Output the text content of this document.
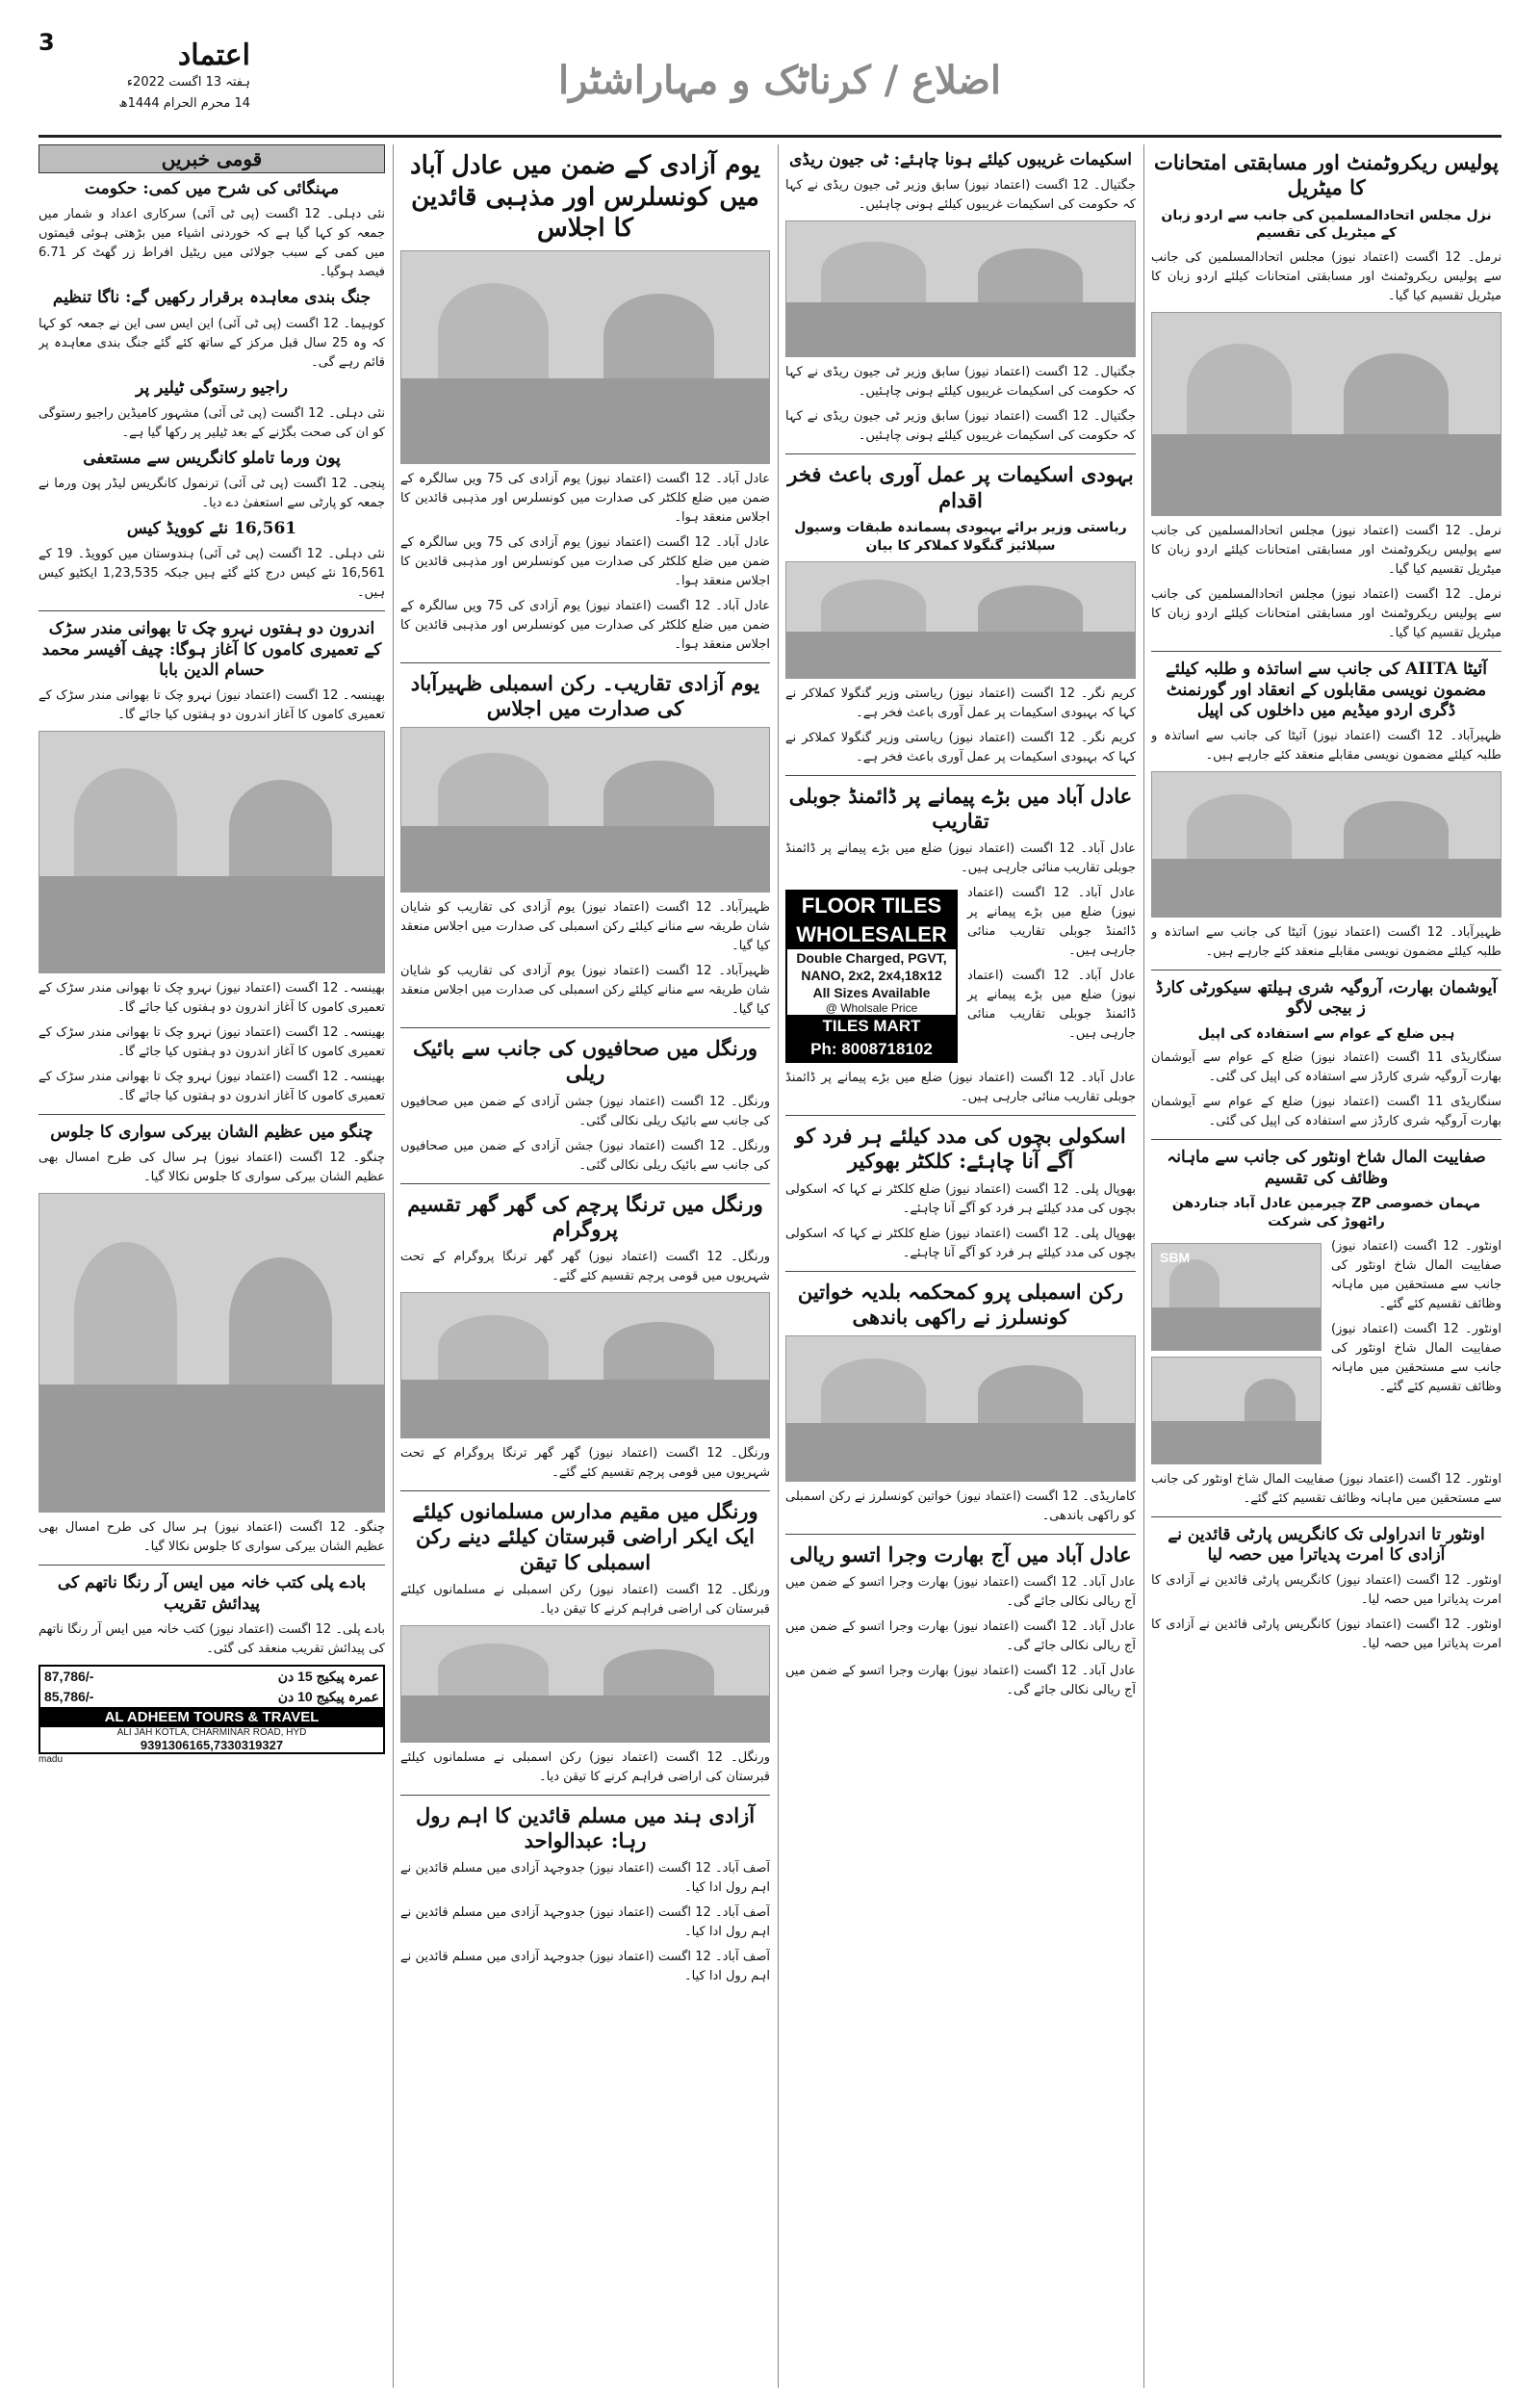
اعتماد
ہفتہ 13 اگست 2022ء
14 محرم الحرام 1444ھ
3
اضلاع / کرناٹک و مہاراشٹرا
قومی خبریں
مہنگائی کی شرح میں کمی: حکومت

نئی دہلی۔ 12 اگست (پی ٹی آئی) سرکاری اعداد و شمار میں جمعہ کو کہا گیا ہے کہ خوردنی اشیاء میں بڑھتی ہوئی قیمتوں میں کمی کے سبب جولائی میں ریٹیل افراط زر گھٹ کر 6.71 فیصد ہوگیا۔

جنگ بندی معاہدہ برقرار رکھیں گے: ناگا تنظیم

کوہیما۔ 12 اگست (پی ٹی آئی) این ایس سی این نے جمعہ کو کہا کہ وہ 25 سال قبل مرکز کے ساتھ کئے گئے جنگ بندی معاہدہ پر قائم رہے گی۔

راجیو رستوگی ٹیلیر پر

نئی دہلی۔ 12 اگست (پی ٹی آئی) مشہور کامیڈین راجیو رستوگی کو ان کی صحت بگڑنے کے بعد ٹیلیر پر رکھا گیا ہے۔

پون ورما تاملو کانگریس سے مستعفی

پنجی۔ 12 اگست (پی ٹی آئی) ترنمول کانگریس لیڈر پون ورما نے جمعہ کو پارٹی سے استعفیٰ دے دیا۔

16,561 نئے کوویڈ کیس

نئی دہلی۔ 12 اگست (پی ٹی آئی) ہندوستان میں کوویڈ۔ 19 کے 16,561 نئے کیس درج کئے گئے ہیں جبکہ 1,23,535 ایکٹیو کیس ہیں۔

اندرون دو ہفتوں نہرو چک تا بھوانی مندر سڑک کے تعمیری کاموں کا آغاز ہوگا: چیف آفیسر محمد حسام الدین بابا

بھینسہ۔ 12 اگست (اعتماد نیوز) نہرو چک تا بھوانی مندر سڑک کے تعمیری کاموں کا آغاز اندرون دو ہفتوں کیا جائے گا۔

بھینسہ۔ 12 اگست (اعتماد نیوز) نہرو چک تا بھوانی مندر سڑک کے تعمیری کاموں کا آغاز اندرون دو ہفتوں کیا جائے گا۔

بھینسہ۔ 12 اگست (اعتماد نیوز) نہرو چک تا بھوانی مندر سڑک کے تعمیری کاموں کا آغاز اندرون دو ہفتوں کیا جائے گا۔

بھینسہ۔ 12 اگست (اعتماد نیوز) نہرو چک تا بھوانی مندر سڑک کے تعمیری کاموں کا آغاز اندرون دو ہفتوں کیا جائے گا۔

چنگو میں عظیم الشان بیرکی سواری کا جلوس

چنگو۔ 12 اگست (اعتماد نیوز) ہر سال کی طرح امسال بھی عظیم الشان بیرکی سواری کا جلوس نکالا گیا۔

چنگو۔ 12 اگست (اعتماد نیوز) ہر سال کی طرح امسال بھی عظیم الشان بیرکی سواری کا جلوس نکالا گیا۔

بادے پلی کتب خانہ میں ایس آر رنگا ناتھم کی پیدائش تقریب

بادے پلی۔ 12 اگست (اعتماد نیوز) کتب خانہ میں ایس آر رنگا ناتھم کی پیدائش تقریب منعقد کی گئی۔

87,786/-	عمرہ پیکیج 15 دن
85,786/-	عمرہ پیکیج 10 دن
AL ADHEEM TOURS & TRAVEL
ALI JAH KOTLA, CHARMINAR ROAD, HYD
9391306165,7330319327
madu
یوم آزادی کے ضمن میں عادل آباد میں کونسلرس اور مذہبی قائدین کا اجلاس

عادل آباد۔ 12 اگست (اعتماد نیوز) یوم آزادی کی 75 ویں سالگرہ کے ضمن میں ضلع کلکٹر کی صدارت میں کونسلرس اور مذہبی قائدین کا اجلاس منعقد ہوا۔

عادل آباد۔ 12 اگست (اعتماد نیوز) یوم آزادی کی 75 ویں سالگرہ کے ضمن میں ضلع کلکٹر کی صدارت میں کونسلرس اور مذہبی قائدین کا اجلاس منعقد ہوا۔

عادل آباد۔ 12 اگست (اعتماد نیوز) یوم آزادی کی 75 ویں سالگرہ کے ضمن میں ضلع کلکٹر کی صدارت میں کونسلرس اور مذہبی قائدین کا اجلاس منعقد ہوا۔

یوم آزادی تقاریب۔ رکن اسمبلی ظہیرآباد کی صدارت میں اجلاس

ظہیرآباد۔ 12 اگست (اعتماد نیوز) یوم آزادی کی تقاریب کو شایان شان طریقہ سے منانے کیلئے رکن اسمبلی کی صدارت میں اجلاس منعقد کیا گیا۔

ظہیرآباد۔ 12 اگست (اعتماد نیوز) یوم آزادی کی تقاریب کو شایان شان طریقہ سے منانے کیلئے رکن اسمبلی کی صدارت میں اجلاس منعقد کیا گیا۔

ورنگل میں صحافیوں کی جانب سے بائیک ریلی

ورنگل۔ 12 اگست (اعتماد نیوز) جشن آزادی کے ضمن میں صحافیوں کی جانب سے بائیک ریلی نکالی گئی۔

ورنگل۔ 12 اگست (اعتماد نیوز) جشن آزادی کے ضمن میں صحافیوں کی جانب سے بائیک ریلی نکالی گئی۔

ورنگل میں ترنگا پرچم کی گھر گھر تقسیم پروگرام

ورنگل۔ 12 اگست (اعتماد نیوز) گھر گھر ترنگا پروگرام کے تحت شہریوں میں قومی پرچم تقسیم کئے گئے۔

ورنگل۔ 12 اگست (اعتماد نیوز) گھر گھر ترنگا پروگرام کے تحت شہریوں میں قومی پرچم تقسیم کئے گئے۔

ورنگل میں مقیم مدارس مسلمانوں کیلئے ایک ایکر اراضی قبرستان کیلئے دینے رکن اسمبلی کا تیقن

ورنگل۔ 12 اگست (اعتماد نیوز) رکن اسمبلی نے مسلمانوں کیلئے قبرستان کی اراضی فراہم کرنے کا تیقن دیا۔

ورنگل۔ 12 اگست (اعتماد نیوز) رکن اسمبلی نے مسلمانوں کیلئے قبرستان کی اراضی فراہم کرنے کا تیقن دیا۔

آزادی ہند میں مسلم قائدین کا اہم رول رہا: عبدالواحد

آصف آباد۔ 12 اگست (اعتماد نیوز) جدوجہد آزادی میں مسلم قائدین نے اہم رول ادا کیا۔

آصف آباد۔ 12 اگست (اعتماد نیوز) جدوجہد آزادی میں مسلم قائدین نے اہم رول ادا کیا۔

آصف آباد۔ 12 اگست (اعتماد نیوز) جدوجہد آزادی میں مسلم قائدین نے اہم رول ادا کیا۔

اسکیمات غریبوں کیلئے ہونا چاہئے: ٹی جیون ریڈی

جگتیال۔ 12 اگست (اعتماد نیوز) سابق وزیر ٹی جیون ریڈی نے کہا کہ حکومت کی اسکیمات غریبوں کیلئے ہونی چاہئیں۔

جگتیال۔ 12 اگست (اعتماد نیوز) سابق وزیر ٹی جیون ریڈی نے کہا کہ حکومت کی اسکیمات غریبوں کیلئے ہونی چاہئیں۔

جگتیال۔ 12 اگست (اعتماد نیوز) سابق وزیر ٹی جیون ریڈی نے کہا کہ حکومت کی اسکیمات غریبوں کیلئے ہونی چاہئیں۔

بہودی اسکیمات پر عمل آوری باعث فخر اقدام
ریاستی وزیر برائے بہبودی پسماندہ طبقات وسیول سپلائیز گنگولا کملاکر کا بیان

کریم نگر۔ 12 اگست (اعتماد نیوز) ریاستی وزیر گنگولا کملاکر نے کہا کہ بہبودی اسکیمات پر عمل آوری باعث فخر ہے۔

کریم نگر۔ 12 اگست (اعتماد نیوز) ریاستی وزیر گنگولا کملاکر نے کہا کہ بہبودی اسکیمات پر عمل آوری باعث فخر ہے۔

عادل آباد میں بڑے پیمانے پر ڈائمنڈ جوبلی تقاریب

عادل آباد۔ 12 اگست (اعتماد نیوز) ضلع میں بڑے پیمانے پر ڈائمنڈ جوبلی تقاریب منائی جارہی ہیں۔

عادل آباد۔ 12 اگست (اعتماد نیوز) ضلع میں بڑے پیمانے پر ڈائمنڈ جوبلی تقاریب منائی جارہی ہیں۔

عادل آباد۔ 12 اگست (اعتماد نیوز) ضلع میں بڑے پیمانے پر ڈائمنڈ جوبلی تقاریب منائی جارہی ہیں۔

FLOOR TILES
WHOLESALER
Double Charged, PGVT,
NANO, 2x2, 2x4,18x12
All Sizes Available
@ Wholsale Price
TILES MART
Ph: 8008718102

عادل آباد۔ 12 اگست (اعتماد نیوز) ضلع میں بڑے پیمانے پر ڈائمنڈ جوبلی تقاریب منائی جارہی ہیں۔

اسکولی بچوں کی مدد کیلئے ہر فرد کو آگے آنا چاہئے: کلکٹر بھوکیر

بھوپال پلی۔ 12 اگست (اعتماد نیوز) ضلع کلکٹر نے کہا کہ اسکولی بچوں کی مدد کیلئے ہر فرد کو آگے آنا چاہئے۔

بھوپال پلی۔ 12 اگست (اعتماد نیوز) ضلع کلکٹر نے کہا کہ اسکولی بچوں کی مدد کیلئے ہر فرد کو آگے آنا چاہئے۔

رکن اسمبلی پرو کمحکمہ بلدیہ خواتین کونسلرز نے راکھی باندھی

کاماریڈی۔ 12 اگست (اعتماد نیوز) خواتین کونسلرز نے رکن اسمبلی کو راکھی باندھی۔

عادل آباد میں آج بھارت وجرا اتسو ریالی

عادل آباد۔ 12 اگست (اعتماد نیوز) بھارت وجرا اتسو کے ضمن میں آج ریالی نکالی جائے گی۔

عادل آباد۔ 12 اگست (اعتماد نیوز) بھارت وجرا اتسو کے ضمن میں آج ریالی نکالی جائے گی۔

عادل آباد۔ 12 اگست (اعتماد نیوز) بھارت وجرا اتسو کے ضمن میں آج ریالی نکالی جائے گی۔

پولیس ریکروٹمنٹ اور مسابقتی امتحانات کا میٹریل
نزل مجلس اتحادالمسلمین کی جانب سے اردو زبان کے میٹریل کی تقسیم

نرمل۔ 12 اگست (اعتماد نیوز) مجلس اتحادالمسلمین کی جانب سے پولیس ریکروٹمنٹ اور مسابقتی امتحانات کیلئے اردو زبان کا میٹریل تقسیم کیا گیا۔

نرمل۔ 12 اگست (اعتماد نیوز) مجلس اتحادالمسلمین کی جانب سے پولیس ریکروٹمنٹ اور مسابقتی امتحانات کیلئے اردو زبان کا میٹریل تقسیم کیا گیا۔

نرمل۔ 12 اگست (اعتماد نیوز) مجلس اتحادالمسلمین کی جانب سے پولیس ریکروٹمنٹ اور مسابقتی امتحانات کیلئے اردو زبان کا میٹریل تقسیم کیا گیا۔

آئیٹا AIITA کی جانب سے اساتذہ و طلبہ کیلئے مضمون نویسی مقابلوں کے انعقاد اور گورنمنٹ ڈگری اردو میڈیم میں داخلوں کی اپیل

ظہیرآباد۔ 12 اگست (اعتماد نیوز) آئیٹا کی جانب سے اساتذہ و طلبہ کیلئے مضمون نویسی مقابلے منعقد کئے جارہے ہیں۔

ظہیرآباد۔ 12 اگست (اعتماد نیوز) آئیٹا کی جانب سے اساتذہ و طلبہ کیلئے مضمون نویسی مقابلے منعقد کئے جارہے ہیں۔

آیوشمان بھارت، آروگیہ شری ہیلتھ سیکورٹی کارڈ ز بیجی لاگو
ہیں ضلع کے عوام سے استفادہ کی اپیل

سنگاریڈی 11 اگست (اعتماد نیوز) ضلع کے عوام سے آیوشمان بھارت آروگیہ شری کارڈز سے استفادہ کی اپیل کی گئی۔

سنگاریڈی 11 اگست (اعتماد نیوز) ضلع کے عوام سے آیوشمان بھارت آروگیہ شری کارڈز سے استفادہ کی اپیل کی گئی۔

صفاییت المال شاخ اونٹور کی جانب سے ماہانہ وظائف کی تقسیم
مہمان خصوصی ZP چیرمین عادل آباد جناردھن راٹھوڑ کی شرکت

اونٹور۔ 12 اگست (اعتماد نیوز) صفاییت المال شاخ اونٹور کی جانب سے مستحقین میں ماہانہ وظائف تقسیم کئے گئے۔

اونٹور۔ 12 اگست (اعتماد نیوز) صفاییت المال شاخ اونٹور کی جانب سے مستحقین میں ماہانہ وظائف تقسیم کئے گئے۔

SBM

اونٹور۔ 12 اگست (اعتماد نیوز) صفاییت المال شاخ اونٹور کی جانب سے مستحقین میں ماہانہ وظائف تقسیم کئے گئے۔

اونٹور تا اندراولی تک کانگریس پارٹی قائدین نے آزادی کا امرت پدیاترا میں حصہ لیا

اونٹور۔ 12 اگست (اعتماد نیوز) کانگریس پارٹی قائدین نے آزادی کا امرت پدیاترا میں حصہ لیا۔

اونٹور۔ 12 اگست (اعتماد نیوز) کانگریس پارٹی قائدین نے آزادی کا امرت پدیاترا میں حصہ لیا۔
